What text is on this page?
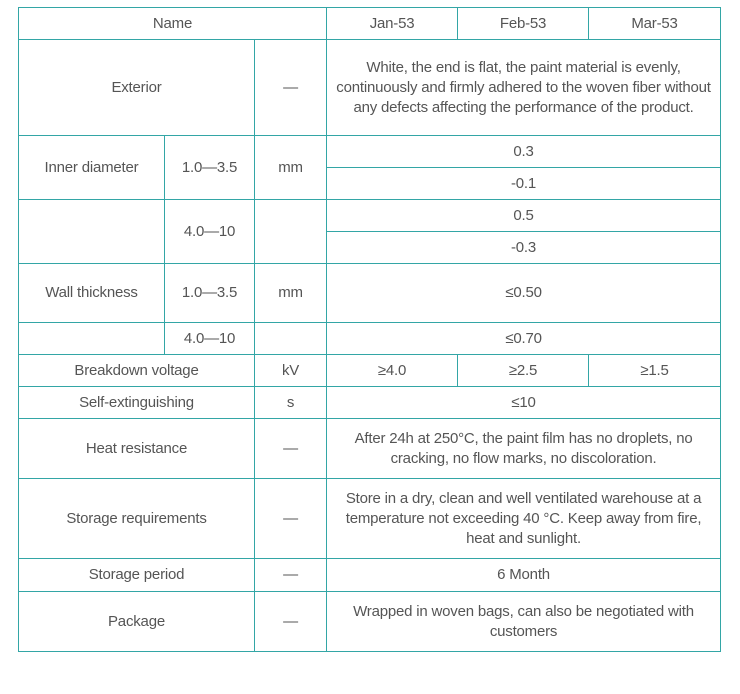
Name			Jan-53	Feb-53	Mar-53
Exterior		—	White, the end is flat, the paint material is evenly, continuously and firmly adhered to the woven fiber without any defects affecting the performance of the product.		
Inner diameter	1.0—3.5	mm	0.3		
			-0.1		
	4.0—10		0.5		
			-0.3		
Wall thickness	1.0—3.5	mm	≤0.50		
	4.0—10		≤0.70		
Breakdown voltage		kV	≥4.0	≥2.5	≥1.5
Self-extinguishing		s	≤10		
Heat resistance		—	After 24h at 250°C, the paint film has no droplets, no cracking, no flow marks, no discoloration.		
Storage requirements		—	Store in a dry, clean and well ventilated warehouse at a temperature not exceeding 40 °C. Keep away from fire, heat and sunlight.		
Storage period		—	6 Month		
Package		—	Wrapped in woven bags, can also be negotiated with customers		
